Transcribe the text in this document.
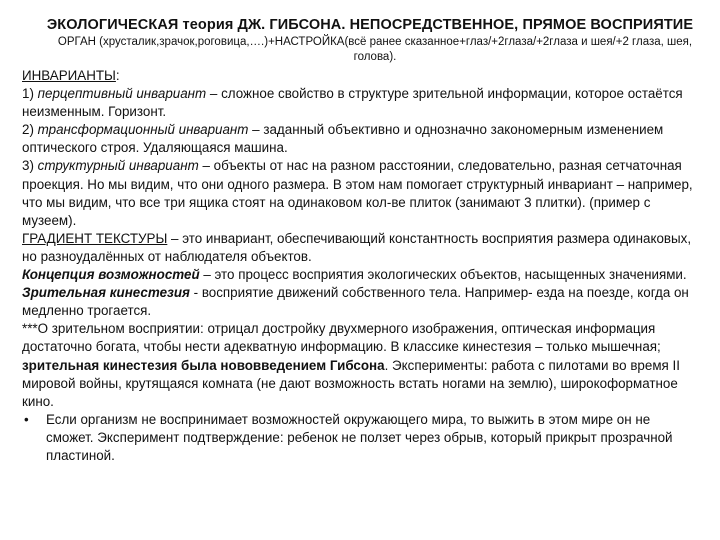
ЭКОЛОГИЧЕСКАЯ теория ДЖ. ГИБСОНА. НЕПОСРЕДСТВЕННОЕ, ПРЯМОЕ ВОСПРИЯТИЕ
ОРГАН (хрусталик,зрачок,роговица,….)+НАСТРОЙКА(всё ранее сказанное+глаз/+2глаза/+2глаза и шея/+2 глаза, шея, голова).

ИНВАРИАНТЫ:

1) перцептивный инвариант – сложное свойство в структуре зрительной информации, которое остаётся неизменным. Горизонт.

2) трансформационный инвариант – заданный объективно и однозначно закономерным изменением оптического строя. Удаляющаяся машина.

3) структурный инвариант – объекты от нас на разном расстоянии, следовательно, разная сетчаточная проекция. Но мы видим, что они одного размера. В этом нам помогает структурный инвариант – например, что мы видим, что все три ящика стоят на одинаковом кол-ве плиток (занимают 3 плитки). (пример с музеем).

ГРАДИЕНТ ТЕКСТУРЫ – это инвариант, обеспечивающий константность восприятия размера одинаковых, но разноудалённых от наблюдателя объектов.

Концепция возможностей – это процесс восприятия экологических объектов, насыщенных значениями.

Зрительная кинестезия - восприятие движений собственного тела. Например- езда на поезде, когда он медленно трогается.

***О зрительном восприятии: отрицал достройку двухмерного изображения, оптическая информация достаточно богата, чтобы нести адекватную информацию. В классике кинестезия – только мышечная; зрительная кинестезия была нововведением Гибсона. Эксперименты: работа с пилотами во время II мировой войны, крутящаяся комната (не дают возможность встать ногами на землю), широкоформатное кино.

•	Если организм не воспринимает возможностей окружающего мира, то выжить в этом мире он не сможет. Эксперимент подтверждение: ребенок не ползет через обрыв, который прикрыт прозрачной пластиной.
